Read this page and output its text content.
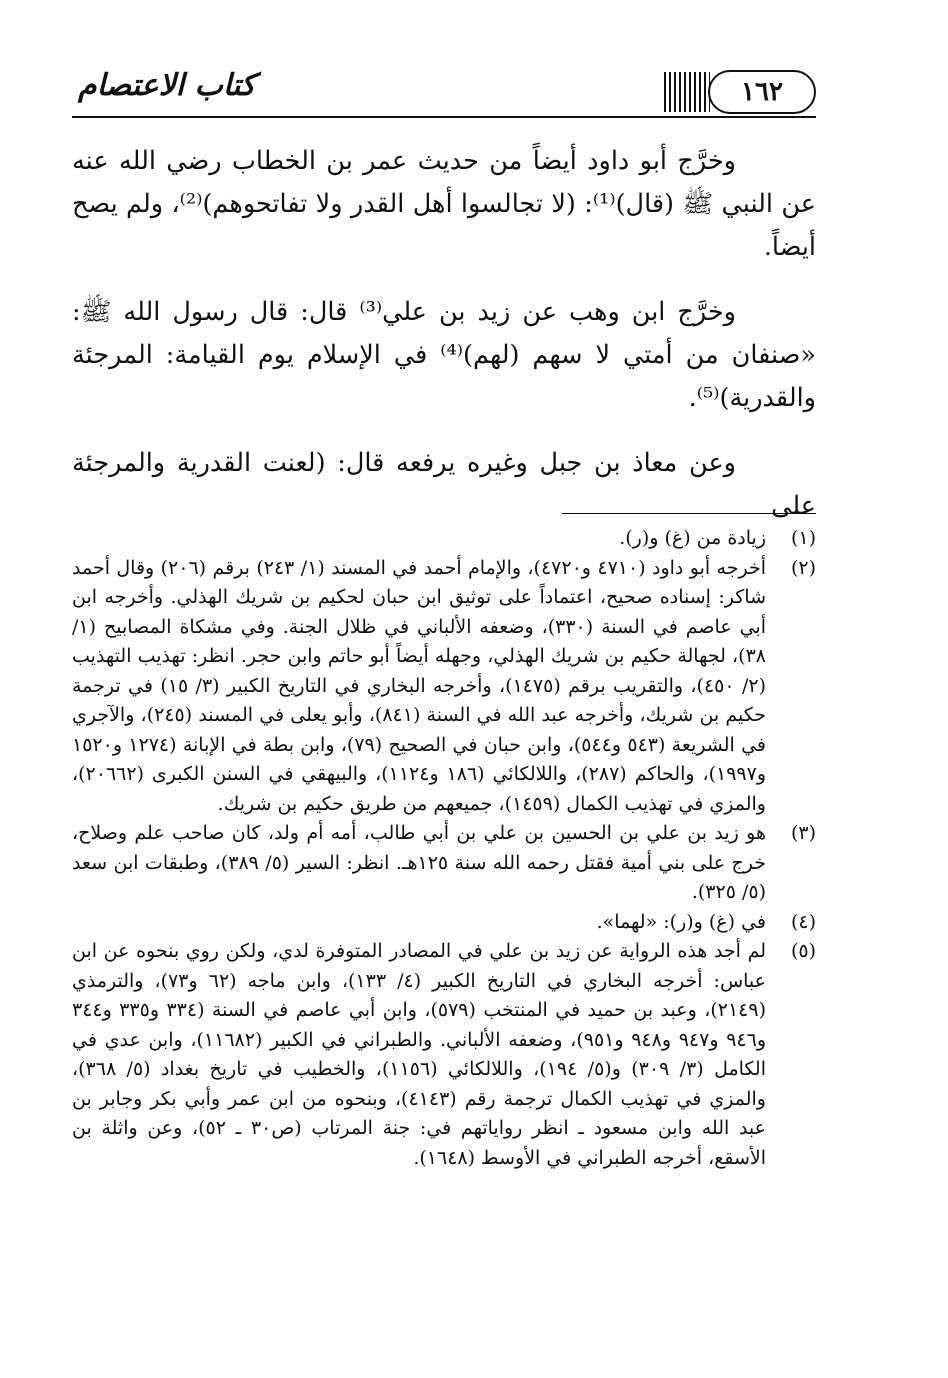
١٦٢
كتاب الاعتصام

وخرَّج أبو داود أيضاً من حديث عمر بن الخطاب رضي الله عنه عن النبي ﷺ (قال)⁽¹⁾: (لا تجالسوا أهل القدر ولا تفاتحوهم)⁽²⁾، ولم يصح أيضاً.

وخرَّج ابن وهب عن زيد بن علي⁽³⁾ قال: قال رسول الله ﷺ: «صنفان من أمتي لا سهم (لهم)⁽⁴⁾ في الإسلام يوم القيامة: المرجئة والقدرية)⁽⁵⁾.

وعن معاذ بن جبل وغيره يرفعه قال: (لعنت القدرية والمرجئة على

(١)
زيادة من (غ) و(ر).
(٢)
أخرجه أبو داود (٤٧١٠ و٤٧٢٠)، والإمام أحمد في المسند (١/ ٢٤٣) برقم (٢٠٦) وقال أحمد شاكر: إسناده صحيح، اعتماداً على توثيق ابن حبان لحكيم بن شريك الهذلي. وأخرجه ابن أبي عاصم في السنة (٣٣٠)، وضعفه الألباني في ظلال الجنة. وفي مشكاة المصابيح (١/ ٣٨)، لجهالة حكيم بن شريك الهذلي، وجهله أيضاً أبو حاتم وابن حجر. انظر: تهذيب التهذيب (٢/ ٤٥٠)، والتقريب برقم (١٤٧٥)، وأخرجه البخاري في التاريخ الكبير (٣/ ١٥) في ترجمة حكيم بن شريك، وأخرجه عبد الله في السنة (٨٤١)، وأبو يعلى في المسند (٢٤٥)، والآجري في الشريعة (٥٤٣ و٥٤٤)، وابن حبان في الصحيح (٧٩)، وابن بطة في الإبانة (١٢٧٤ و١٥٢٠ و١٩٩٧)، والحاكم (٢٨٧)، واللالكائي (١٨٦ و١١٢٤)، والبيهقي في السنن الكبرى (٢٠٦٦٢)، والمزي في تهذيب الكمال (١٤٥٩)، جميعهم من طريق حكيم بن شريك.
(٣)
هو زيد بن علي بن الحسين بن علي بن أبي طالب، أمه أم ولد، كان صاحب علم وصلاح، خرج على بني أمية فقتل رحمه الله سنة ١٢٥هـ. انظر: السير (٥/ ٣٨٩)، وطبقات ابن سعد (٥/ ٣٢٥).
(٤)
في (غ) و(ر): «لهما».
(٥)
لم أجد هذه الرواية عن زيد بن علي في المصادر المتوفرة لدي، ولكن روي بنحوه عن ابن عباس: أخرجه البخاري في التاريخ الكبير (٤/ ١٣٣)، وابن ماجه (٦٢ و٧٣)، والترمذي (٢١٤٩)، وعبد بن حميد في المنتخب (٥٧٩)، وابن أبي عاصم في السنة (٣٣٤ و٣٣٥ و٣٤٤ و٩٤٦ و٩٤٧ و٩٤٨ و٩٥١)، وضعفه الألباني. والطبراني في الكبير (١١٦٨٢)، وابن عدي في الكامل (٣/ ٣٠٩) و(٥/ ١٩٤)، واللالكائي (١١٥٦)، والخطيب في تاريخ بغداد (٥/ ٣٦٨)، والمزي في تهذيب الكمال ترجمة رقم (٤١٤٣)، وبنحوه من ابن عمر وأبي بكر وجابر بن عبد الله وابن مسعود ـ انظر رواياتهم في: جنة المرتاب (ص٣٠ ـ ٥٢)، وعن واثلة بن الأسقع، أخرجه الطبراني في الأوسط (١٦٤٨).
